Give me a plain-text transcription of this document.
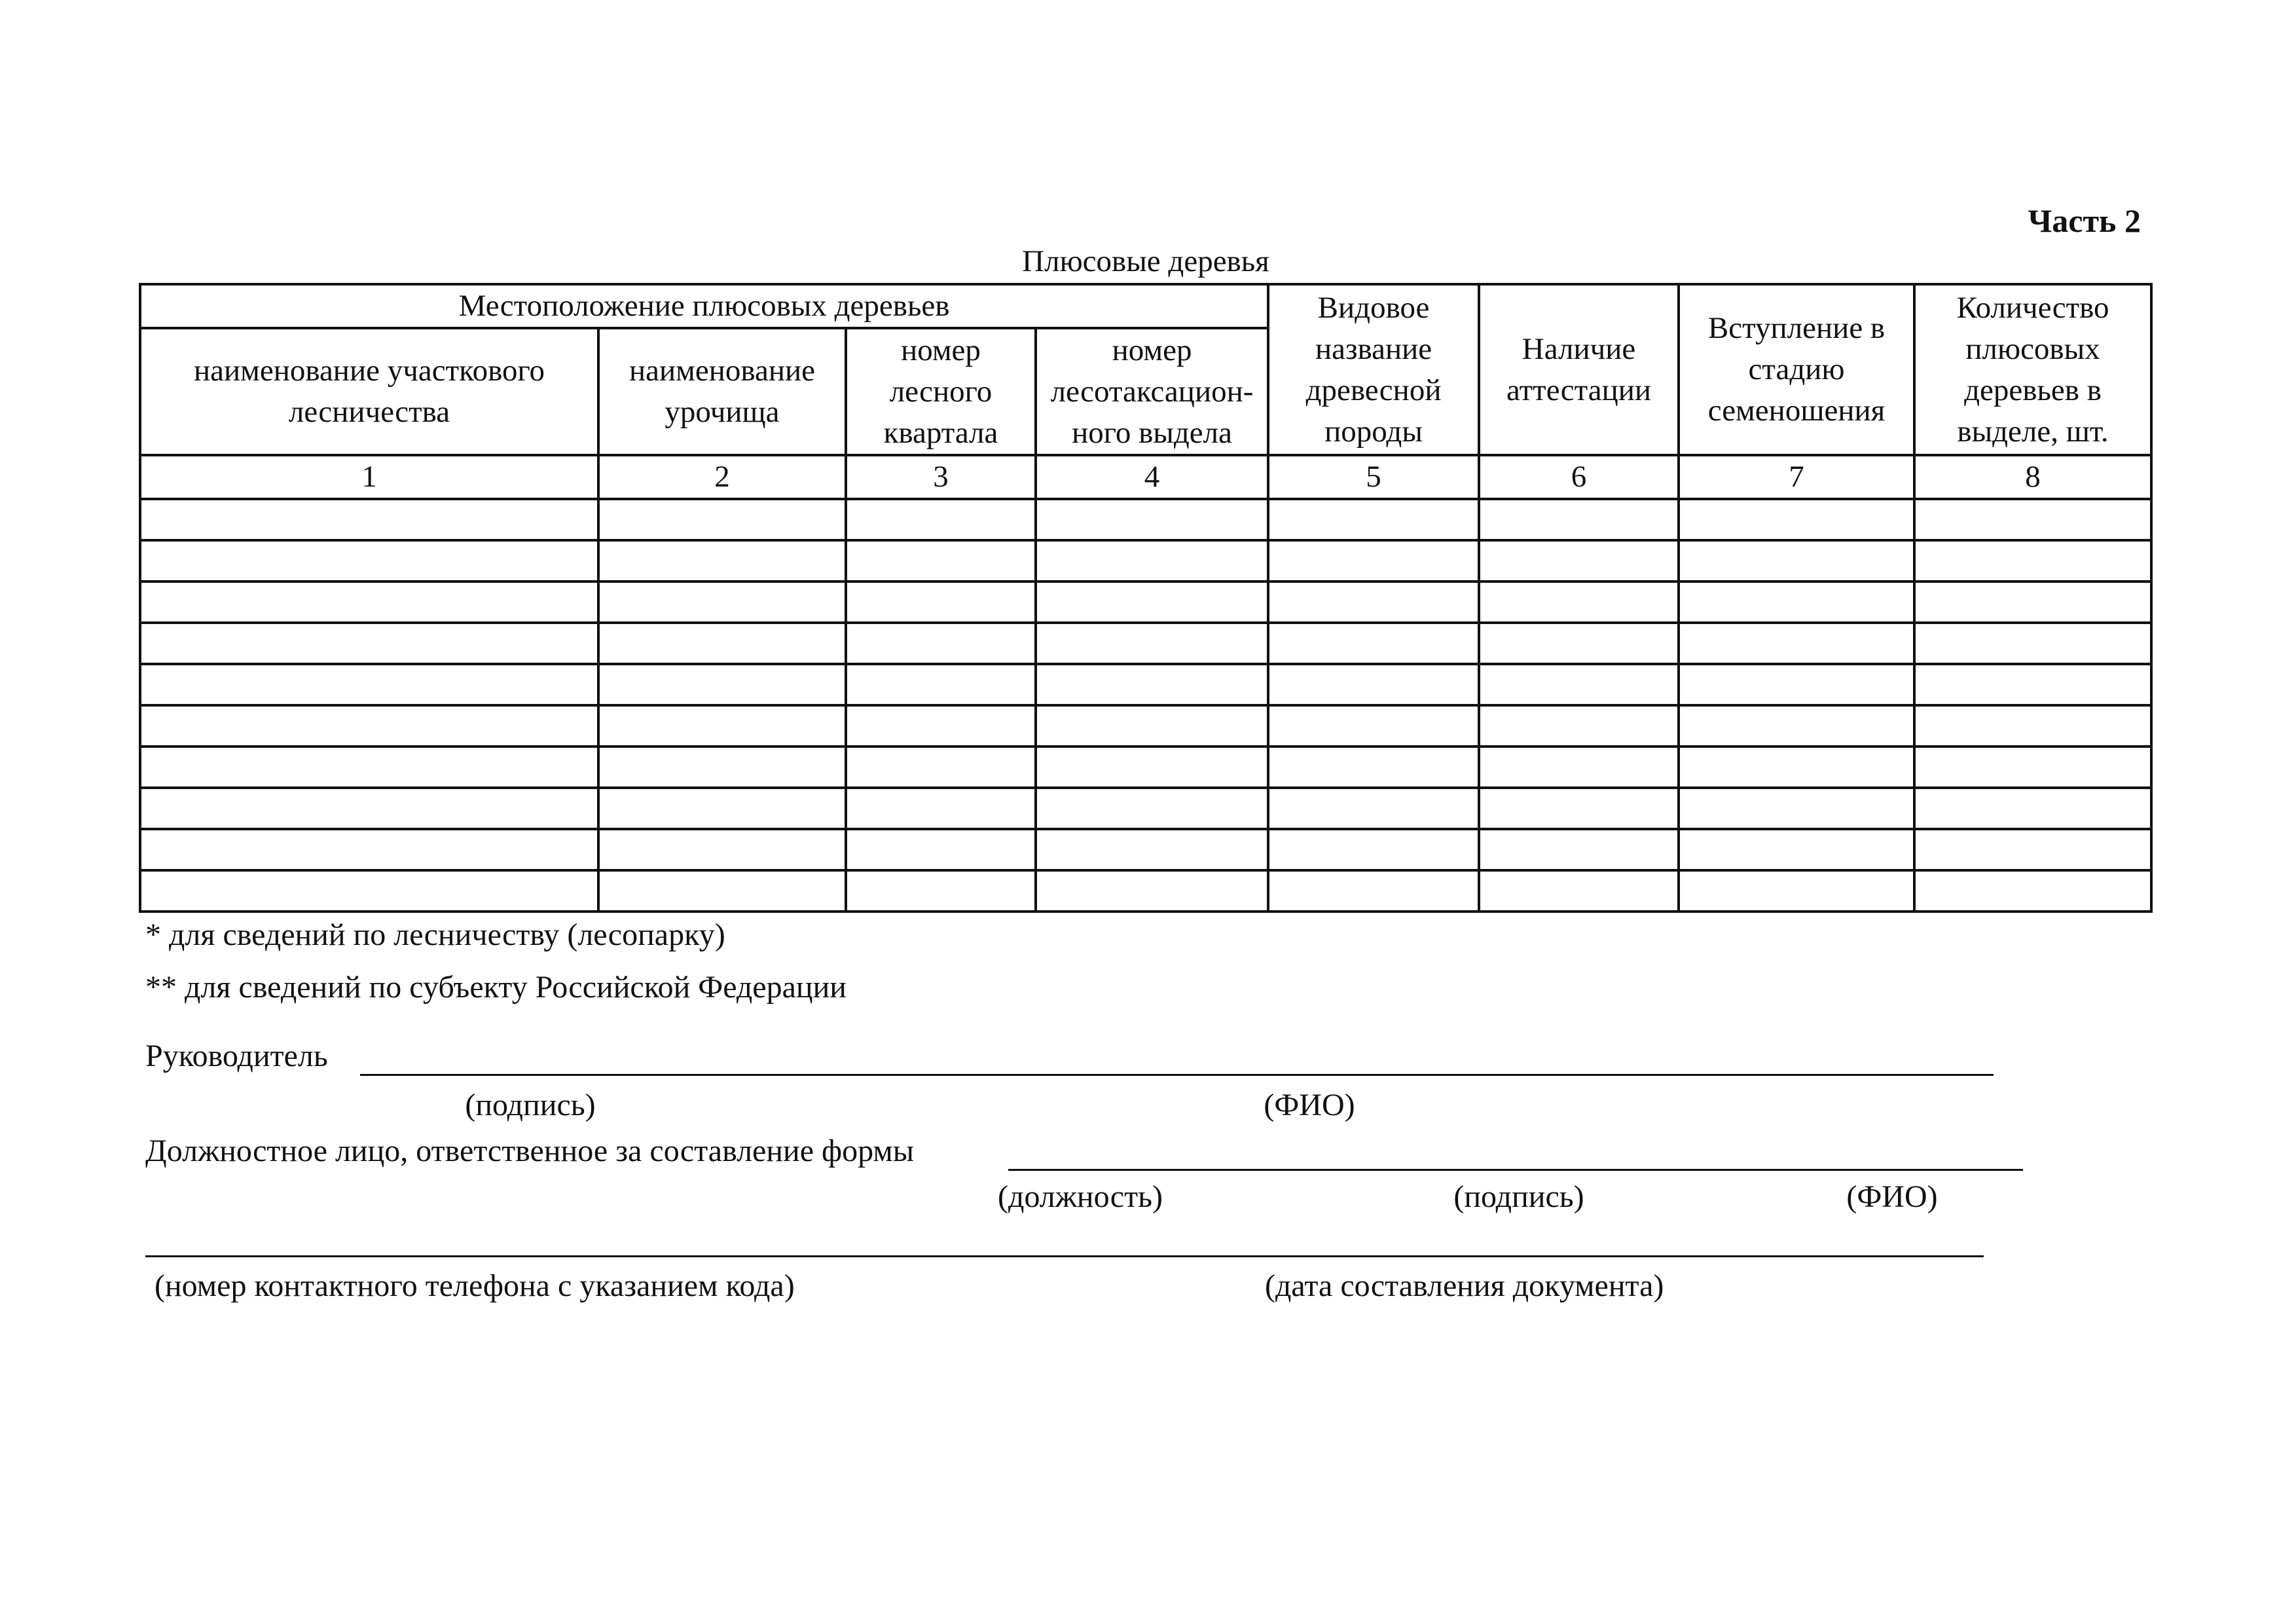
Часть 2
Плюсовые деревья
Местоположение плюсовых деревьев				Видовое название древесной породы	Наличие аттестации	Вступление в стадию семеношения	Количество плюсовых деревьев в выделе, шт.
наименование участкового лесничества	наименование урочища	номер лесного квартала	номер лесотаксацион-ного выдела				
1	2	3	4	5	6	7	8

* для сведений по лесничеству (лесопарку)
** для сведений по субъекту Российской Федерации
Руководитель
(подпись)	(ФИО)
Должностное лицо, ответственное за составление формы
(должность)	(подпись)	(ФИО)
(номер контактного телефона с указанием кода)	(дата составления документа)
